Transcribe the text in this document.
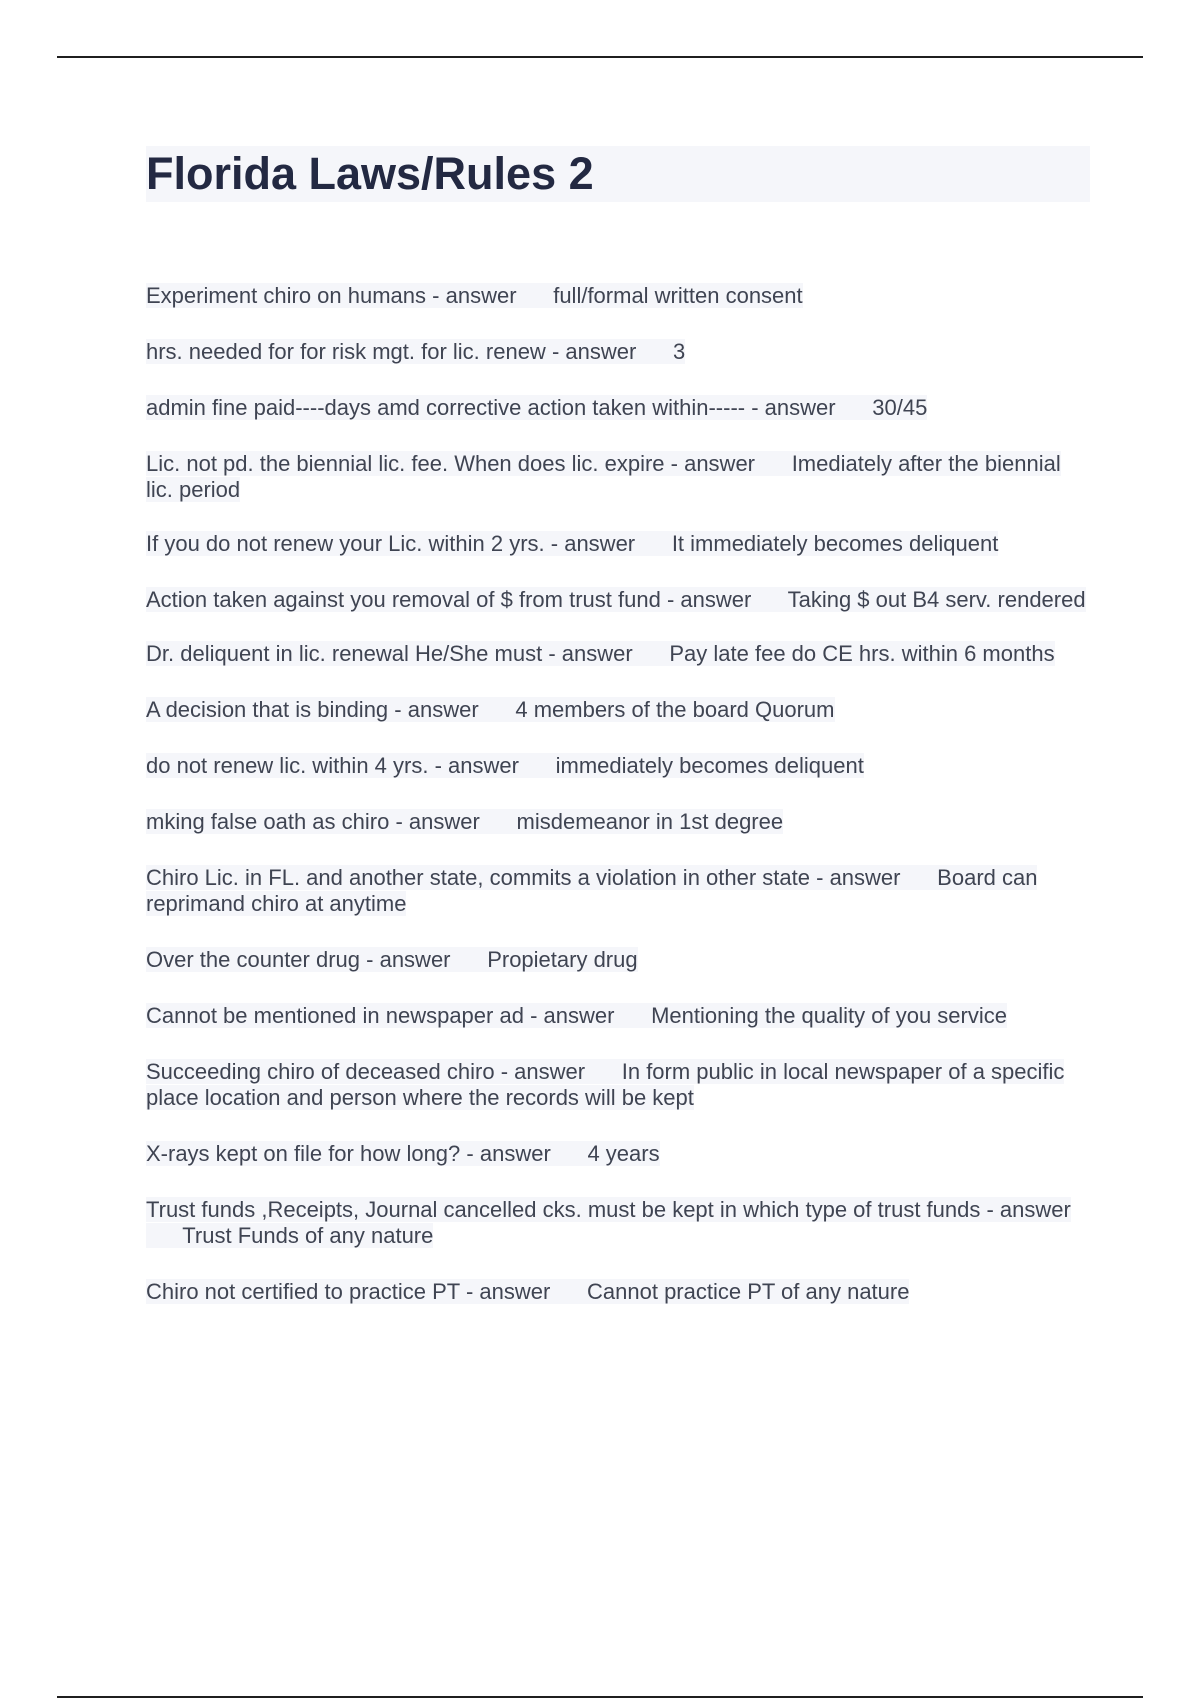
Florida Laws/Rules 2
Experiment chiro on humans - answer full/formal written consent
hrs. needed for for risk mgt. for lic. renew - answer 3
admin fine paid----days amd corrective action taken within----- - answer 30/45
Lic. not pd. the biennial lic. fee. When does lic. expire - answer Imediately after the biennial lic. period
If you do not renew your Lic. within 2 yrs. - answer It immediately becomes deliquent
Action taken against you removal of $ from trust fund - answer Taking $ out B4 serv. rendered
Dr. deliquent in lic. renewal He/She must - answer Pay late fee do CE hrs. within 6 months
A decision that is binding - answer 4 members of the board Quorum
do not renew lic. within 4 yrs. - answer immediately becomes deliquent
mking false oath as chiro - answer misdemeanor in 1st degree
Chiro Lic. in FL. and another state, commits a violation in other state - answer Board can reprimand chiro at anytime
Over the counter drug - answer Propietary drug
Cannot be mentioned in newspaper ad - answer Mentioning the quality of you service
Succeeding chiro of deceased chiro - answer In form public in local newspaper of a specific place location and person where the records will be kept
X-rays kept on file for how long? - answer 4 years
Trust funds ,Receipts, Journal cancelled cks. must be kept in which type of trust funds - answer      Trust Funds of any nature
Chiro not certified to practice PT - answer Cannot practice PT of any nature
